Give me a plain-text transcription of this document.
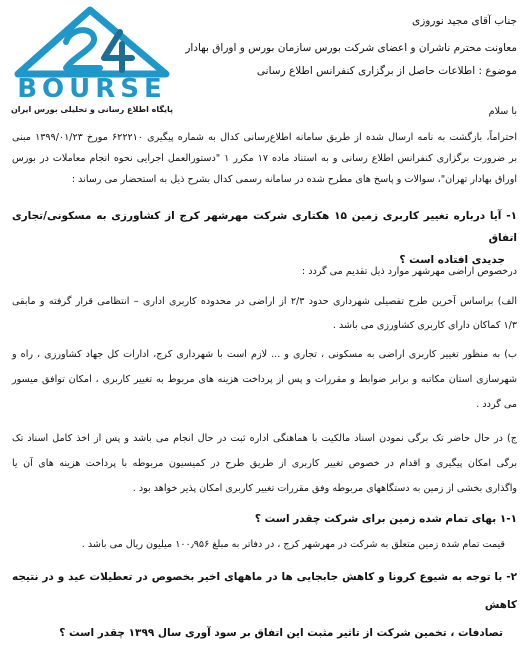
BOURSE
پایگاه اطلاع رسانی و تحلیلی بورس ایران
جناب آقای مجید نوروزی
معاونت محترم ناشران و اعضای شرکت بورس سازمان بورس و اوراق بهادار
موضوع : اطلاعات حاصل از برگزاری کنفرانس اطلاع رسانی
با سلام
احتراماً، بازگشت به نامه ارسال شده از طریق سامانه اطلاع‌رسانی کدال به شماره پیگیری ۶۲۲۲۱۰ مورخ ۱۳۹۹/۰۱/۲۳ مبنی
بر ضرورت برگزاری کنفرانس اطلاع رسانی و به استناد ماده ۱۷ مکرر ۱ "دستورالعمل اجرایی نحوه انجام معاملات در بورس
اوراق بهادار تهران"، سوالات و پاسخ های مطرح شده در سامانه رسمی کدال بشرح ذیل به استحضار می رساند :
۱- آیا درباره تغییر کاربری زمین ۱۵ هکتاری شرکت مهرشهر کرج از کشاورزی به مسکونی/تجاری اتفاق
جدیدی افتاده است ؟
درخصوص اراضی مهرشهر موارد ذیل تقدیم می گردد :
الف) براساس آخرین طرح تفصیلی شهرداری حدود ۲/۳ از اراضی در محدوده کاربری اداری – انتظامی قرار گرفته و مابقی
۱/۳ کماکان دارای کاربری کشاورزی می باشد .
ب) به منظور تغییر کاربری اراضی به مسکونی ، تجاری و ... لازم است با شهرداری کرج، ادارات کل جهاد کشاورزی ، راه و
شهرسازی استان مکاتبه و برابر ضوابط و مقررات و پس از پرداخت هزینه های مربوط به تغییر کاربری ، امکان توافق میسور
می گردد .
ج) در حال حاضر تک برگی نمودن اسناد مالکیت با هماهنگی اداره ثبت در حال انجام می باشد و پس از اخذ کامل اسناد تک
برگی امکان پیگیری و اقدام در خصوص تغییر کاربری از طریق طرح در کمیسیون مربوطه با پرداخت هزینه های آن یا
واگذاری بخشی از زمین به دستگاههای مربوطه وفق مقررات تغییر کاربری امکان پذیر خواهد بود .
۱-۱ بهای تمام شده زمین برای شرکت چقدر است ؟
قیمت تمام شده زمین متعلق به شرکت در مهرشهر کرج ، در دفاتر به مبلغ ۱۰۰٫۹۵۶ میلیون ریال می باشد .
۲- با توجه به شیوع کرونا و کاهش جابجایی ها در ماههای اخیر بخصوص در تعطیلات عید و در نتیجه کاهش
تصادفات ، تخمین شرکت از تاثیر مثبت این اتفاق بر سود آوری سال ۱۳۹۹ چقدر است ؟
